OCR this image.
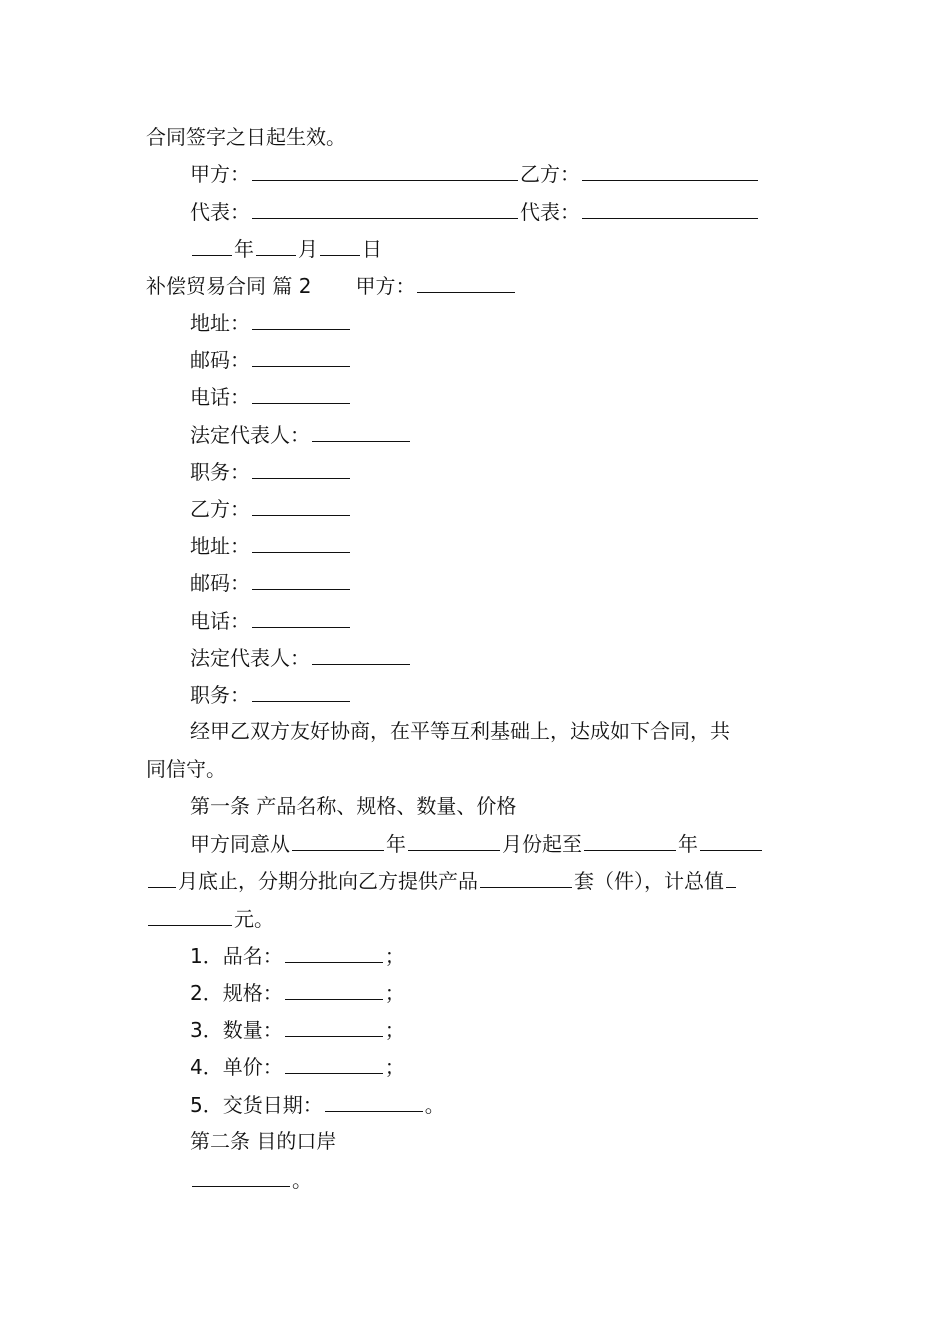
合同签字之日起生效。
甲方：	乙方：
代表：	代表：
年 月 日
补偿贸易合同 篇 2 甲方：
地址：
邮码：
电话：
法定代表人：
职务：
乙方：
地址：
邮码：
电话：
法定代表人：
职务：
经甲乙双方友好协商，在平等互利基础上，达成如下合同，共
同信守。
第一条 产品名称、规格、数量、价格
甲方同意从	年	月份起至	年
月底止，分期分批向乙方提供产品	套（件），计总值
元。
1．品名：	；
2．规格：	；
3．数量：	；
4．单价：	；
5．交货日期：	。
第二条 目的口岸
。
